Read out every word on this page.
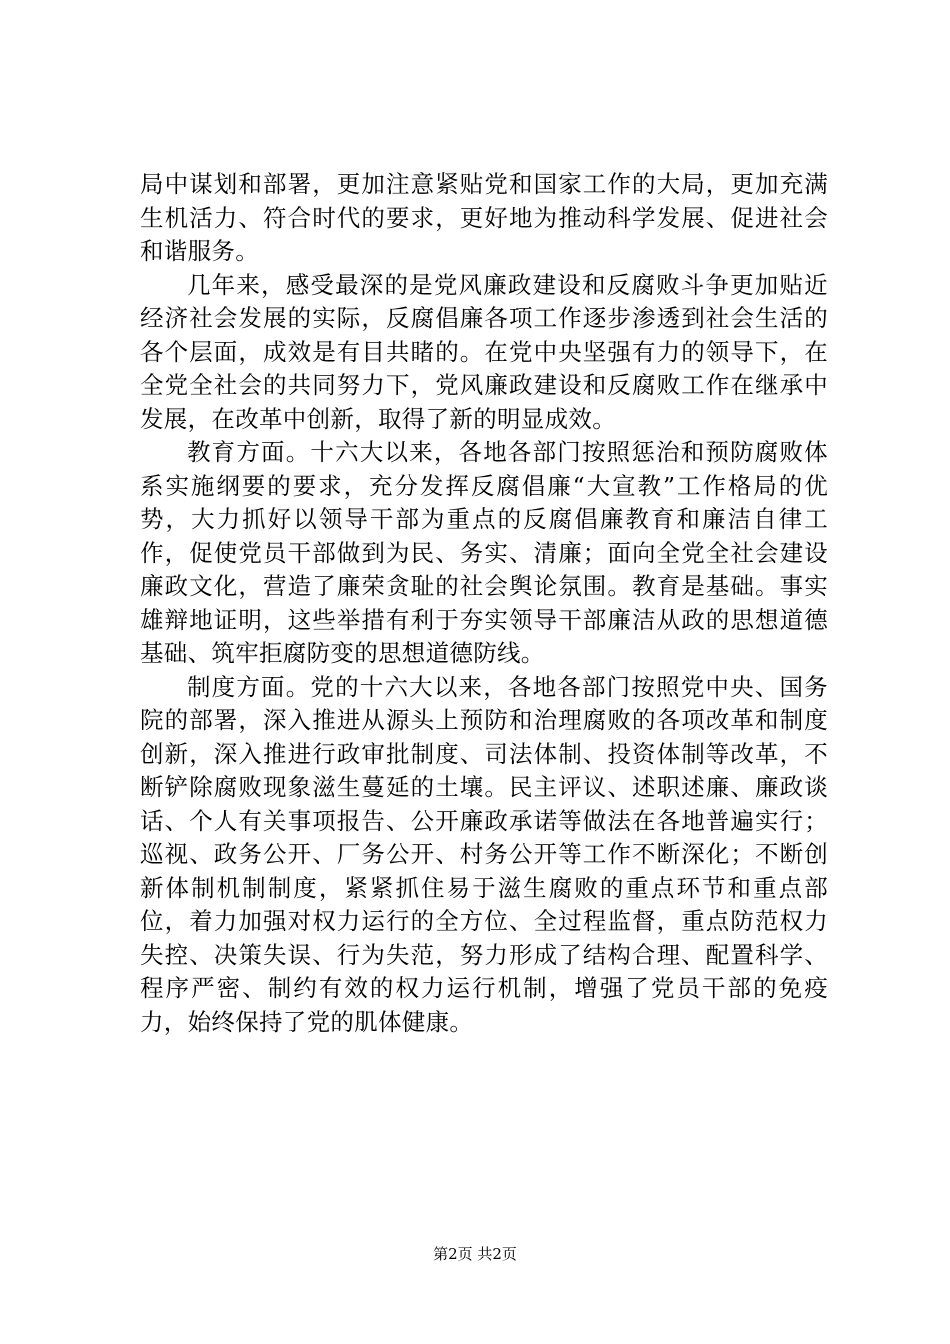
局中谋划和部署，更加注意紧贴党和国家工作的大局，更加充满生机活力、符合时代的要求，更好地为推动科学发展、促进社会和谐服务。

几年来，感受最深的是党风廉政建设和反腐败斗争更加贴近经济社会发展的实际，反腐倡廉各项工作逐步渗透到社会生活的各个层面，成效是有目共睹的。在党中央坚强有力的领导下，在全党全社会的共同努力下，党风廉政建设和反腐败工作在继承中发展，在改革中创新，取得了新的明显成效。

教育方面。十六大以来，各地各部门按照惩治和预防腐败体系实施纲要的要求，充分发挥反腐倡廉“大宣教”工作格局的优势，大力抓好以领导干部为重点的反腐倡廉教育和廉洁自律工作，促使党员干部做到为民、务实、清廉；面向全党全社会建设廉政文化，营造了廉荣贪耻的社会舆论氛围。教育是基础。事实雄辩地证明，这些举措有利于夯实领导干部廉洁从政的思想道德基础、筑牢拒腐防变的思想道德防线。

制度方面。党的十六大以来，各地各部门按照党中央、国务院的部署，深入推进从源头上预防和治理腐败的各项改革和制度创新，深入推进行政审批制度、司法体制、投资体制等改革，不断铲除腐败现象滋生蔓延的土壤。民主评议、述职述廉、廉政谈话、个人有关事项报告、公开廉政承诺等做法在各地普遍实行；巡视、政务公开、厂务公开、村务公开等工作不断深化；不断创新体制机制制度，紧紧抓住易于滋生腐败的重点环节和重点部位，着力加强对权力运行的全方位、全过程监督，重点防范权力失控、决策失误、行为失范，努力形成了结构合理、配置科学、程序严密、制约有效的权力运行机制，增强了党员干部的免疫力，始终保持了党的肌体健康。

第2页 共2页
